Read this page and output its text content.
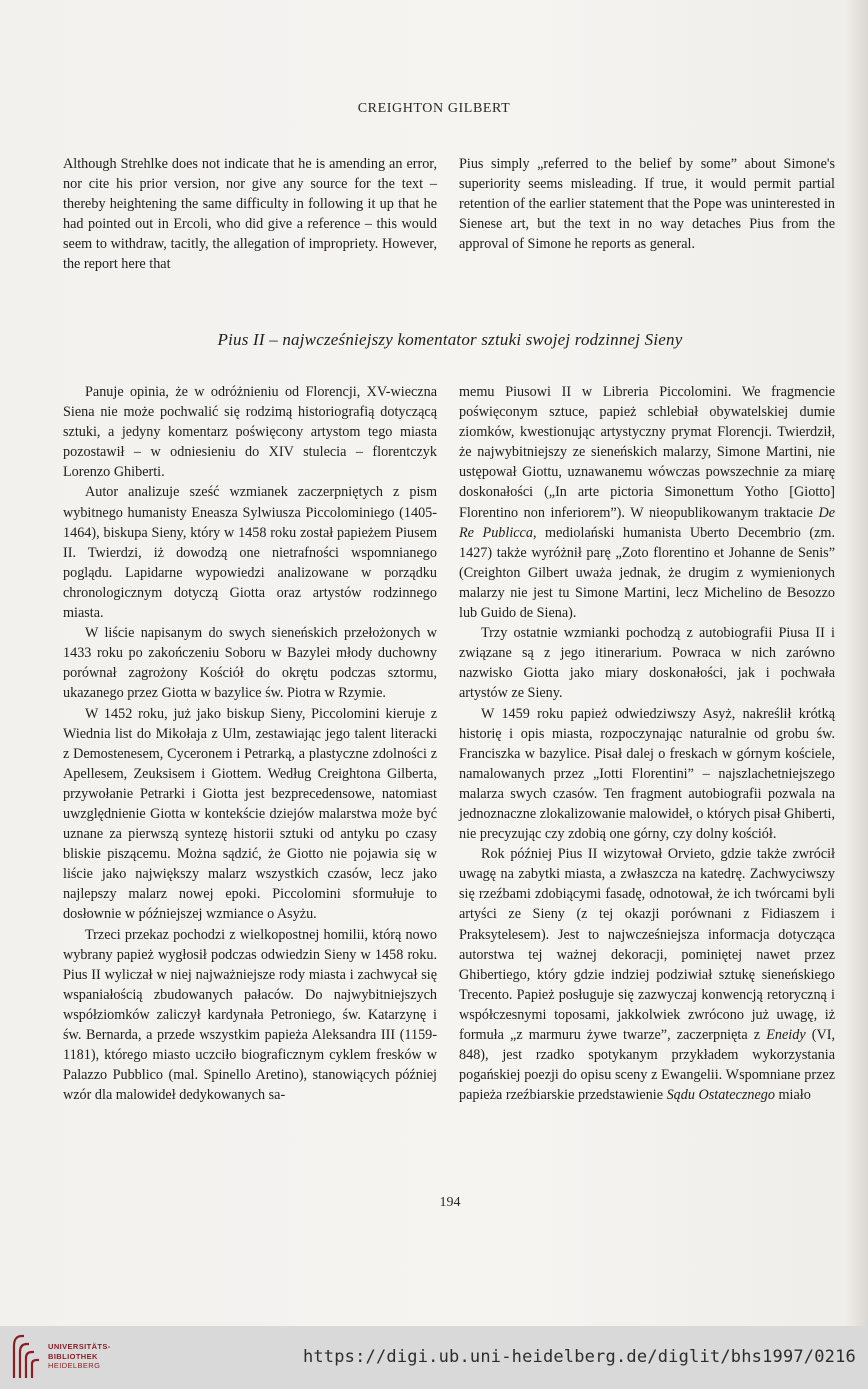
CREIGHTON GILBERT

Although Strehlke does not indicate that he is amending an error, nor cite his prior version, nor give any source for the text – thereby heightening the same difficulty in following it up that he had pointed out in Ercoli, who did give a reference – this would seem to withdraw, tacitly, the allegation of impropriety. However, the report here that

Pius simply „referred to the belief by some” about Simone's superiority seems misleading. If true, it would permit partial retention of the earlier statement that the Pope was uninterested in Sienese art, but the text in no way detaches Pius from the approval of Simone he reports as general.

Pius II – najwcześniejszy komentator sztuki swojej rodzinnej Sieny

Panuje opinia, że w odróżnieniu od Florencji, XV-wieczna Siena nie może pochwalić się rodzimą historiografią dotyczącą sztuki, a jedyny komentarz poświęcony artystom tego miasta pozostawił – w odniesieniu do XIV stulecia – florentczyk Lorenzo Ghiberti.

Autor analizuje sześć wzmianek zaczerpniętych z pism wybitnego humanisty Eneasza Sylwiusza Piccolominiego (1405-1464), biskupa Sieny, który w 1458 roku został papieżem Piusem II. Twierdzi, iż dowodzą one nietrafności wspomnianego poglądu. Lapidarne wypowiedzi analizowane w porządku chronologicznym dotyczą Giotta oraz artystów rodzinnego miasta.

W liście napisanym do swych sieneńskich przełożonych w 1433 roku po zakończeniu Soboru w Bazylei młody duchowny porównał zagrożony Kościół do okrętu podczas sztormu, ukazanego przez Giotta w bazylice św. Piotra w Rzymie.

W 1452 roku, już jako biskup Sieny, Piccolomini kieruje z Wiednia list do Mikołaja z Ulm, zestawiając jego talent literacki z Demostenesem, Cyceronem i Petrarką, a plastyczne zdolności z Apellesem, Zeuksisem i Giottem. Według Creightona Gilberta, przywołanie Petrarki i Giotta jest bezprecedensowe, natomiast uwzględnienie Giotta w kontekście dziejów malarstwa może być uznane za pierwszą syntezę historii sztuki od antyku po czasy bliskie piszącemu. Można sądzić, że Giotto nie pojawia się w liście jako największy malarz wszystkich czasów, lecz jako najlepszy malarz nowej epoki. Piccolomini sformułuje to dosłownie w późniejszej wzmiance o Asyżu.

Trzeci przekaz pochodzi z wielkopostnej homilii, którą nowo wybrany papież wygłosił podczas odwiedzin Sieny w 1458 roku. Pius II wyliczał w niej najważniejsze rody miasta i zachwycał się wspaniałością zbudowanych pałaców. Do najwybitniejszych współziomków zaliczył kardynała Petroniego, św. Katarzynę i św. Bernarda, a przede wszystkim papieża Aleksandra III (1159-1181), którego miasto uczciło biograficznym cyklem fresków w Palazzo Pubblico (mal. Spinello Aretino), stanowiących później wzór dla malowideł dedykowanych sa-

memu Piusowi II w Libreria Piccolomini. We fragmencie poświęconym sztuce, papież schlebiał obywatelskiej dumie ziomków, kwestionując artystyczny prymat Florencji. Twierdził, że najwybitniejszy ze sieneńskich malarzy, Simone Martini, nie ustępował Giottu, uznawanemu wówczas powszechnie za miarę doskonałości („In arte pictoria Simonettum Yotho [Giotto] Florentino non inferiorem”). W nieopublikowanym traktacie De Re Publicca, mediolański humanista Uberto Decembrio (zm. 1427) także wyróżnił parę „Zoto florentino et Johanne de Senis” (Creighton Gilbert uważa jednak, że drugim z wymienionych malarzy nie jest tu Simone Martini, lecz Michelino de Besozzo lub Guido de Siena).

Trzy ostatnie wzmianki pochodzą z autobiografii Piusa II i związane są z jego itinerarium. Powraca w nich zarówno nazwisko Giotta jako miary doskonałości, jak i pochwała artystów ze Sieny.

W 1459 roku papież odwiedziwszy Asyż, nakreślił krótką historię i opis miasta, rozpoczynając naturalnie od grobu św. Franciszka w bazylice. Pisał dalej o freskach w górnym kościele, namalowanych przez „Iotti Florentini” – najszlachetniejszego malarza swych czasów. Ten fragment autobiografii pozwala na jednoznaczne zlokalizowanie malowideł, o których pisał Ghiberti, nie precyzując czy zdobią one górny, czy dolny kościół.

Rok później Pius II wizytował Orvieto, gdzie także zwrócił uwagę na zabytki miasta, a zwłaszcza na katedrę. Zachwyciwszy się rzeźbami zdobiącymi fasadę, odnotował, że ich twórcami byli artyści ze Sieny (z tej okazji porównani z Fidiaszem i Praksytelesem). Jest to najwcześniejsza informacja dotycząca autorstwa tej ważnej dekoracji, pominiętej nawet przez Ghibertiego, który gdzie indziej podziwiał sztukę sieneńskiego Trecento. Papież posługuje się zazwyczaj konwencją retoryczną i współczesnymi toposami, jakkolwiek zwrócono już uwagę, iż formuła „z marmuru żywe twarze”, zaczerpnięta z Eneidy (VI, 848), jest rzadko spotykanym przykładem wykorzystania pogańskiej poezji do opisu sceny z Ewangelii. Wspomniane przez papieża rzeźbiarskie przedstawienie Sądu Ostatecznego miało

194
UNIVERSITÄTS-
BIBLIOTHEK
HEIDELBERG	https://digi.ub.uni-heidelberg.de/diglit/bhs1997/0216
